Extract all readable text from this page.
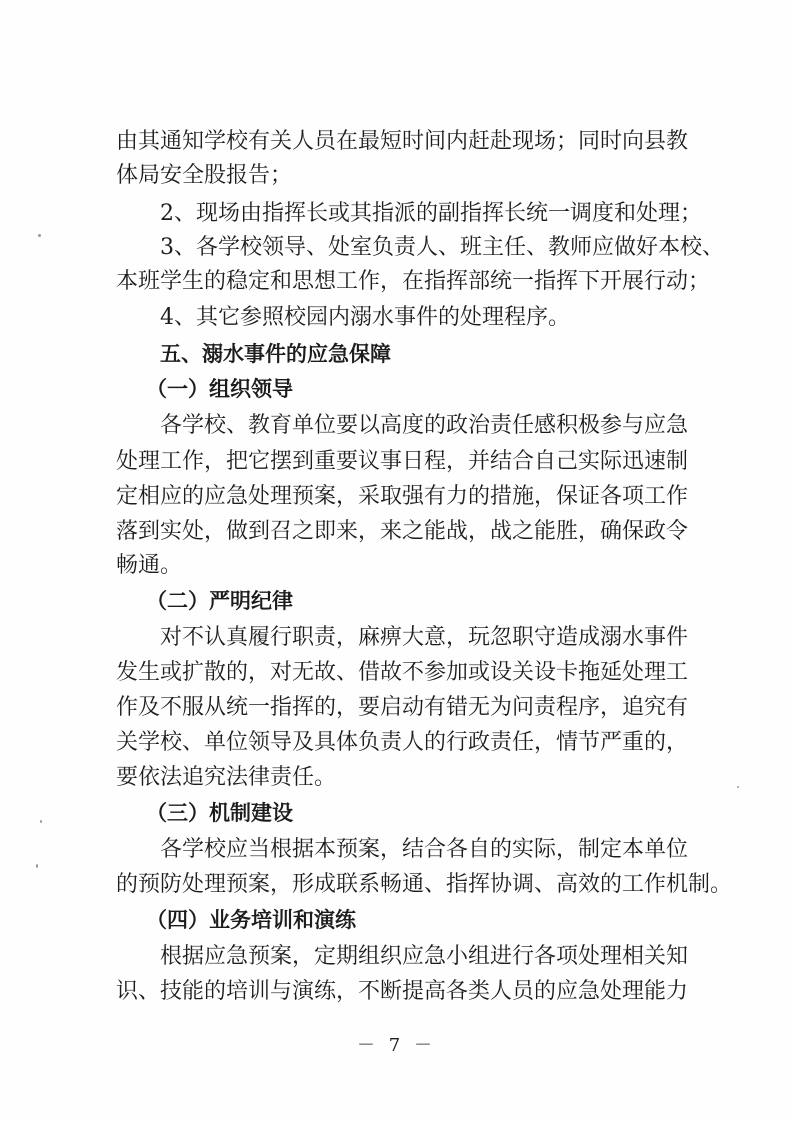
由其通知学校有关人员在最短时间内赶赴现场；同时向县教
体局安全股报告；
2、现场由指挥长或其指派的副指挥长统一调度和处理；
3、各学校领导、处室负责人、班主任、教师应做好本校、
本班学生的稳定和思想工作，在指挥部统一指挥下开展行动；
4、其它参照校园内溺水事件的处理程序。
五、溺水事件的应急保障
（一）组织领导
各学校、教育单位要以高度的政治责任感积极参与应急
处理工作，把它摆到重要议事日程，并结合自己实际迅速制
定相应的应急处理预案，采取强有力的措施，保证各项工作
落到实处，做到召之即来，来之能战，战之能胜，确保政令
畅通。
（二）严明纪律
对不认真履行职责，麻痹大意，玩忽职守造成溺水事件
发生或扩散的，对无故、借故不参加或设关设卡拖延处理工
作及不服从统一指挥的，要启动有错无为问责程序，追究有
关学校、单位领导及具体负责人的行政责任，情节严重的，
要依法追究法律责任。
（三）机制建设
各学校应当根据本预案，结合各自的实际，制定本单位
的预防处理预案，形成联系畅通、指挥协调、高效的工作机制。
（四）业务培训和演练
根据应急预案，定期组织应急小组进行各项处理相关知
识、技能的培训与演练，不断提高各类人员的应急处理能力
－ 7 －
